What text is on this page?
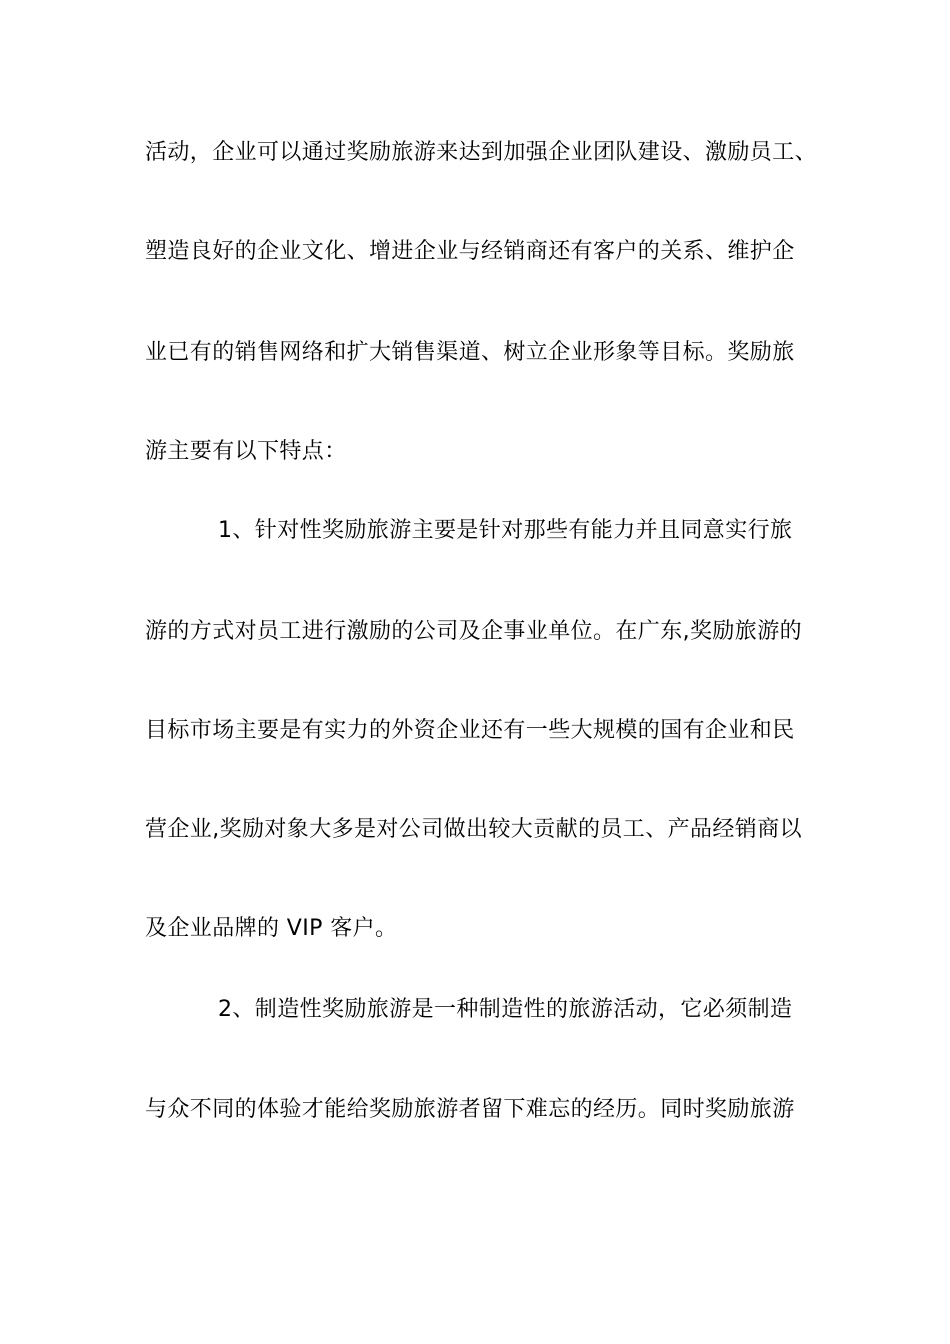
活动，企业可以通过奖励旅游来达到加强企业团队建设、激励员工、
塑造良好的企业文化、增进企业与经销商还有客户的关系、维护企
业已有的销售网络和扩大销售渠道、树立企业形象等目标。奖励旅
游主要有以下特点：
1、针对性奖励旅游主要是针对那些有能力并且同意实行旅
游的方式对员工进行激励的公司及企事业单位。在广东,奖励旅游的
目标市场主要是有实力的外资企业还有一些大规模的国有企业和民
营企业,奖励对象大多是对公司做出较大贡献的员工、产品经销商以
及企业品牌的 VIP 客户。
2、制造性奖励旅游是一种制造性的旅游活动，它必须制造
与众不同的体验才能给奖励旅游者留下难忘的经历。同时奖励旅游
